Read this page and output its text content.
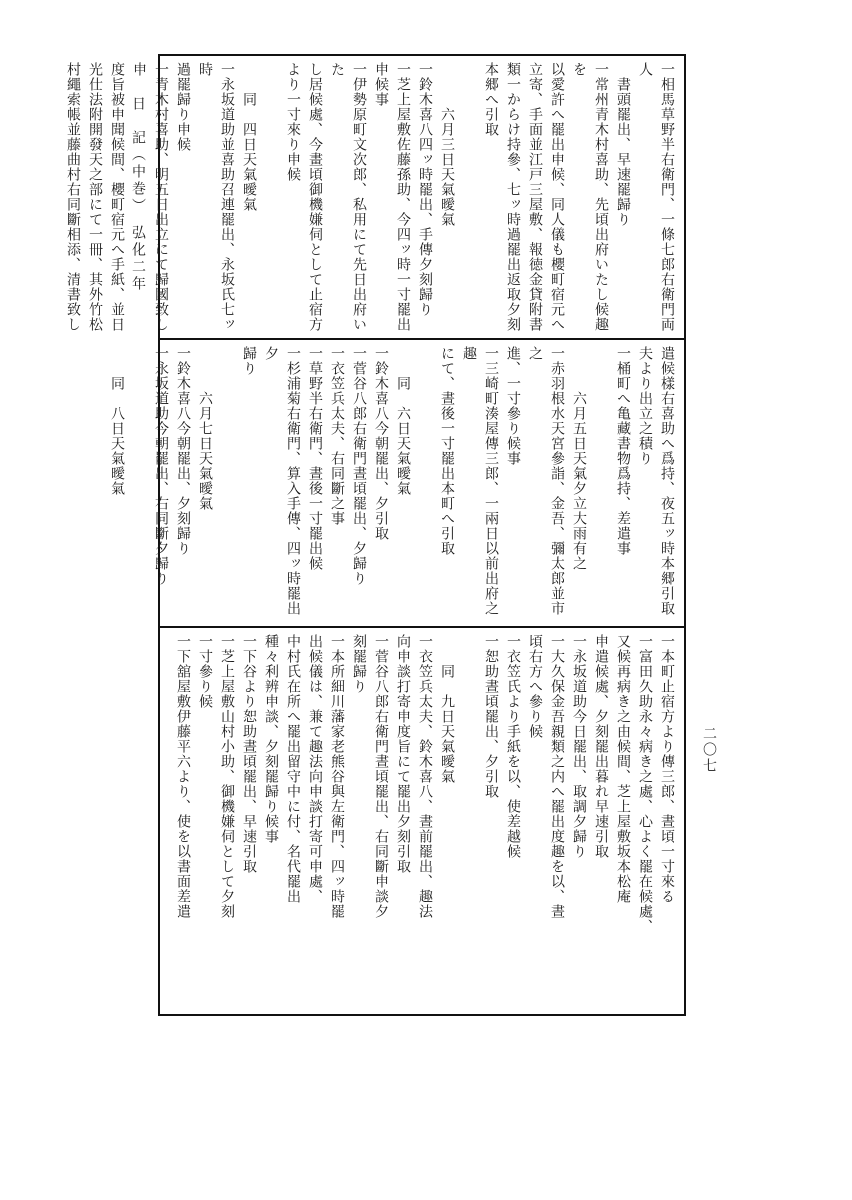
日　記（中巻）　弘化二年
二〇七
一相馬草野半右衛門、一條七郎右衛門両人
　書頭罷出、早速罷歸り
一常州青木村喜助、先頃出府いたし候趣を
以愛許へ罷出申候、同人儀も櫻町宿元へ
立寄、手面並江戸三屋敷、報徳金貸附書
類一からけ持參、七ッ時過罷出返取夕刻
本郷へ引取

　　　六月三日天氣曖氣
一鈴木喜八四ッ時罷出、手傳夕刻歸り
一芝上屋敷佐藤孫助、今四ッ時一寸罷出
申候事
一伊勢原町文次郎、私用にて先日出府いた
し居候處、今畫頃御機嫌伺として止宿方
より一寸來り申候

　　同　四日天氣曖氣
一永坂道助並喜助召連罷出、永坂氏七ッ時
過罷歸り申候
一青木村喜助、明五日出立にて歸國致し申
度旨被申聞候間、櫻町宿元へ手紙、並日
光仕法附開發天之部にて一冊、其外竹松
村繩索帳並藤曲村右同斷相添、清書致し
遣候樣右喜助へ爲持、夜五ッ時本郷引取
夫より出立之積り
一桶町へ亀藏書物爲持、差遣事

　　　六月五日天氣夕立大雨有之
一赤羽根水天宮參詣、金吾、彌太郎並市之
進、一寸參り候事
一三崎町湊屋傳三郎、一兩日以前出府之趣
にて、晝後一寸罷出本町へ引取

　　同　六日天氣曖氣
一鈴木喜八今朝罷出、夕引取
一菅谷八郎右衛門晝頃罷出、夕歸り
一衣笠兵太夫、右同斷之事
一草野半右衛門、晝後一寸罷出候
一杉浦菊右衛門、算入手傳、四ッ時罷出夕
歸り

　　　六月七日天氣曖氣
一鈴木喜八今朝罷出、夕刻歸り
一永坂道助今朝罷出、右同斷夕歸り

　　同　八日天氣曖氣
一本町止宿方より傳三郎、晝頃一寸來る
一富田久助永々病き之處、心よく罷在候處、
又候再病き之由候間、芝上屋敷坂本松庵
申遣候處、夕刻罷出暮れ早速引取
一永坂道助今日罷出、取調夕歸り
一大久保金吾親類之内へ罷出度趣を以、晝
頃右方へ參り候
一衣笠氏より手紙を以、使差越候
一恕助晝頃罷出、夕引取

　　同　九日天氣曖氣
一衣笠兵太夫、鈴木喜八、晝前罷出、趣法
向申談打寄申度旨にて罷出夕刻引取
一菅谷八郎右衛門晝頃罷出、右同斷申談夕
刻罷歸り
一本所細川藩家老熊谷與左衛門、四ッ時罷
出候儀は、兼て趣法向申談打寄可申處、
中村氏在所へ罷出留守中に付、名代罷出
種々利辨申談、夕刻罷歸り候事
一下谷より恕助晝頃罷出、早速引取
一芝上屋敷山村小助、御機嫌伺として夕刻
一寸參り候
一下舘屋敷伊藤平六より、使を以書面差遣
